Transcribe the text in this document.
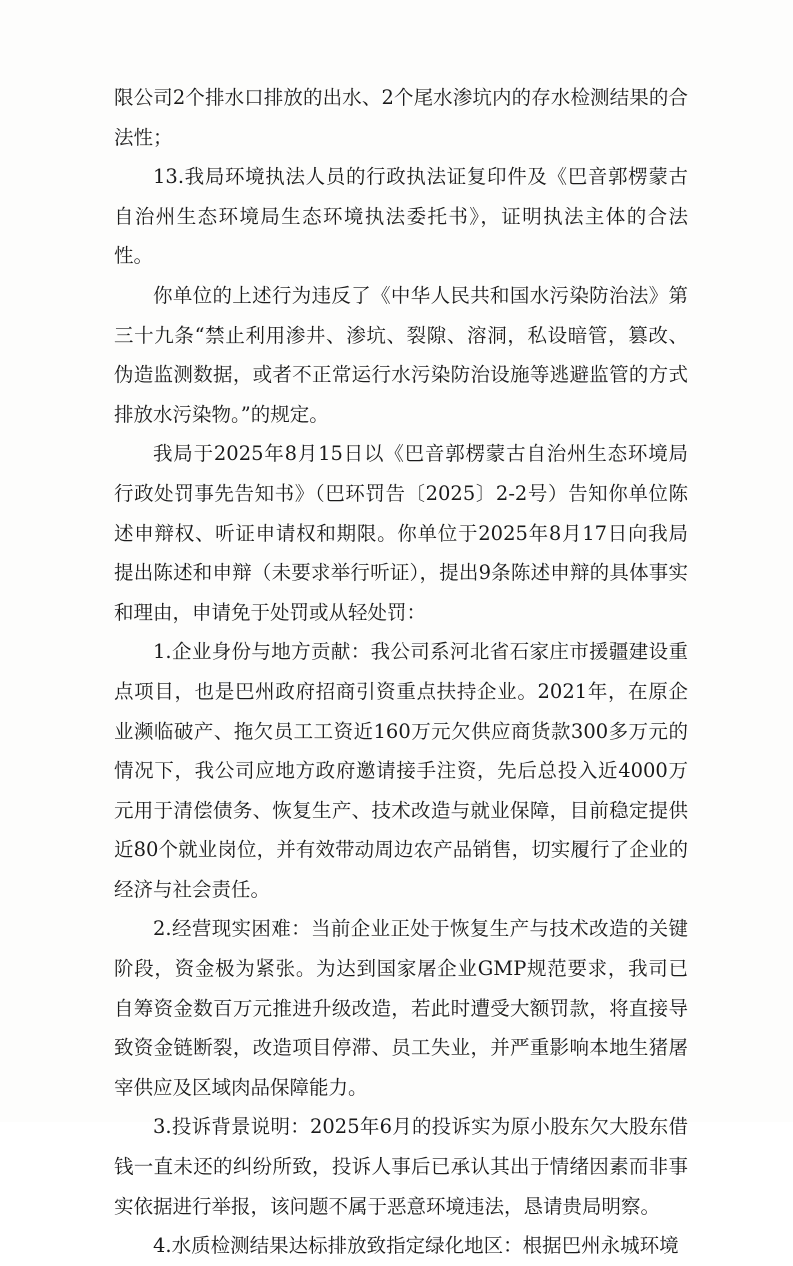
限公司2个排水口排放的出水、2个尾水渗坑内的存水检测结果的合法性；

13.我局环境执法人员的行政执法证复印件及《巴音郭楞蒙古自治州生态环境局生态环境执法委托书》，证明执法主体的合法性。

你单位的上述行为违反了《中华人民共和国水污染防治法》第三十九条“禁止利用渗井、渗坑、裂隙、溶洞，私设暗管，篡改、伪造监测数据，或者不正常运行水污染防治设施等逃避监管的方式排放水污染物。”的规定。

我局于2025年8月15日以《巴音郭楞蒙古自治州生态环境局行政处罚事先告知书》（巴环罚告〔2025〕2-2号）告知你单位陈述申辩权、听证申请权和期限。你单位于2025年8月17日向我局提出陈述和申辩（未要求举行听证），提出9条陈述申辩的具体事实和理由，申请免于处罚或从轻处罚：

1.企业身份与地方贡献：我公司系河北省石家庄市援疆建设重点项目，也是巴州政府招商引资重点扶持企业。2021年，在原企业濒临破产、拖欠员工工资近160万元欠供应商货款300多万元的情况下，我公司应地方政府邀请接手注资，先后总投入近4000万元用于清偿债务、恢复生产、技术改造与就业保障，目前稳定提供近80个就业岗位，并有效带动周边农产品销售，切实履行了企业的经济与社会责任。

2.经营现实困难：当前企业正处于恢复生产与技术改造的关键阶段，资金极为紧张。为达到国家屠企业GMP规范要求，我司已自筹资金数百万元推进升级改造，若此时遭受大额罚款，将直接导致资金链断裂，改造项目停滞、员工失业，并严重影响本地生猪屠宰供应及区域肉品保障能力。

3.投诉背景说明：2025年6月的投诉实为原小股东欠大股东借钱一直未还的纠纷所致，投诉人事后已承认其出于情绪因素而非事实依据进行举报，该问题不属于恶意环境违法，恳请贵局明察。

4.水质检测结果达标排放致指定绿化地区：根据巴州永城环境
